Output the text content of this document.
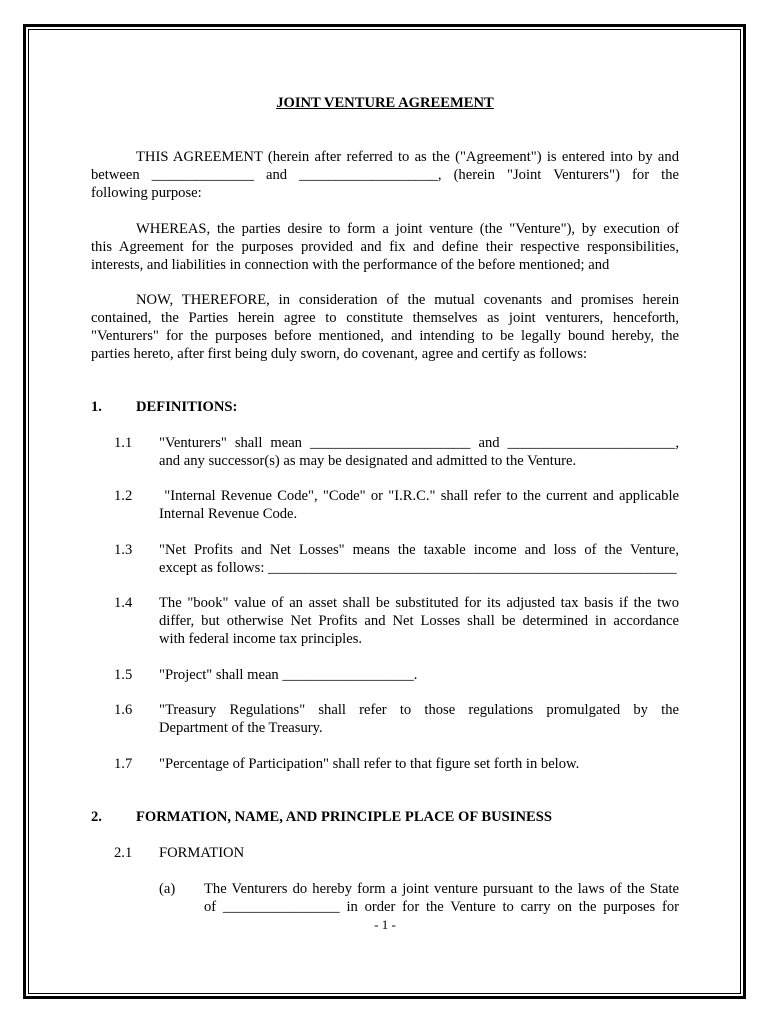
JOINT VENTURE AGREEMENT
THIS AGREEMENT (herein after referred to as the ("Agreement") is entered into by and
between ______________ and ___________________, (herein "Joint Venturers") for the
following purpose:
WHEREAS, the parties desire to form a joint venture (the "Venture"), by execution of
this Agreement for the purposes provided and fix and define their respective responsibilities,
interests, and liabilities in connection with the performance of the before mentioned; and
NOW, THEREFORE, in consideration of the mutual covenants and promises herein
contained, the Parties herein agree to constitute themselves as joint venturers, henceforth,
"Venturers" for the purposes before mentioned, and intending to be legally bound hereby, the
parties hereto, after first being duly sworn, do covenant, agree and certify as follows:
1. DEFINITIONS:
1.1 "Venturers" shall mean ______________________ and _______________________,
and any successor(s) as may be designated and admitted to the Venture.
1.2 "Internal Revenue Code", "Code" or "I.R.C." shall refer to the current and applicable
Internal Revenue Code.
1.3 "Net Profits and Net Losses" means the taxable income and loss of the Venture,
except as follows: ________________________________________________________
1.4 The "book" value of an asset shall be substituted for its adjusted tax basis if the two
differ, but otherwise Net Profits and Net Losses shall be determined in accordance
with federal income tax principles.
1.5 "Project" shall mean __________________.
1.6 "Treasury Regulations" shall refer to those regulations promulgated by the
Department of the Treasury.
1.7 "Percentage of Participation" shall refer to that figure set forth in below.
2. FORMATION, NAME, AND PRINCIPLE PLACE OF BUSINESS
2.1 FORMATION
(a) The Venturers do hereby form a joint venture pursuant to the laws of the State
of ________________ in order for the Venture to carry on the purposes for
- 1 -
